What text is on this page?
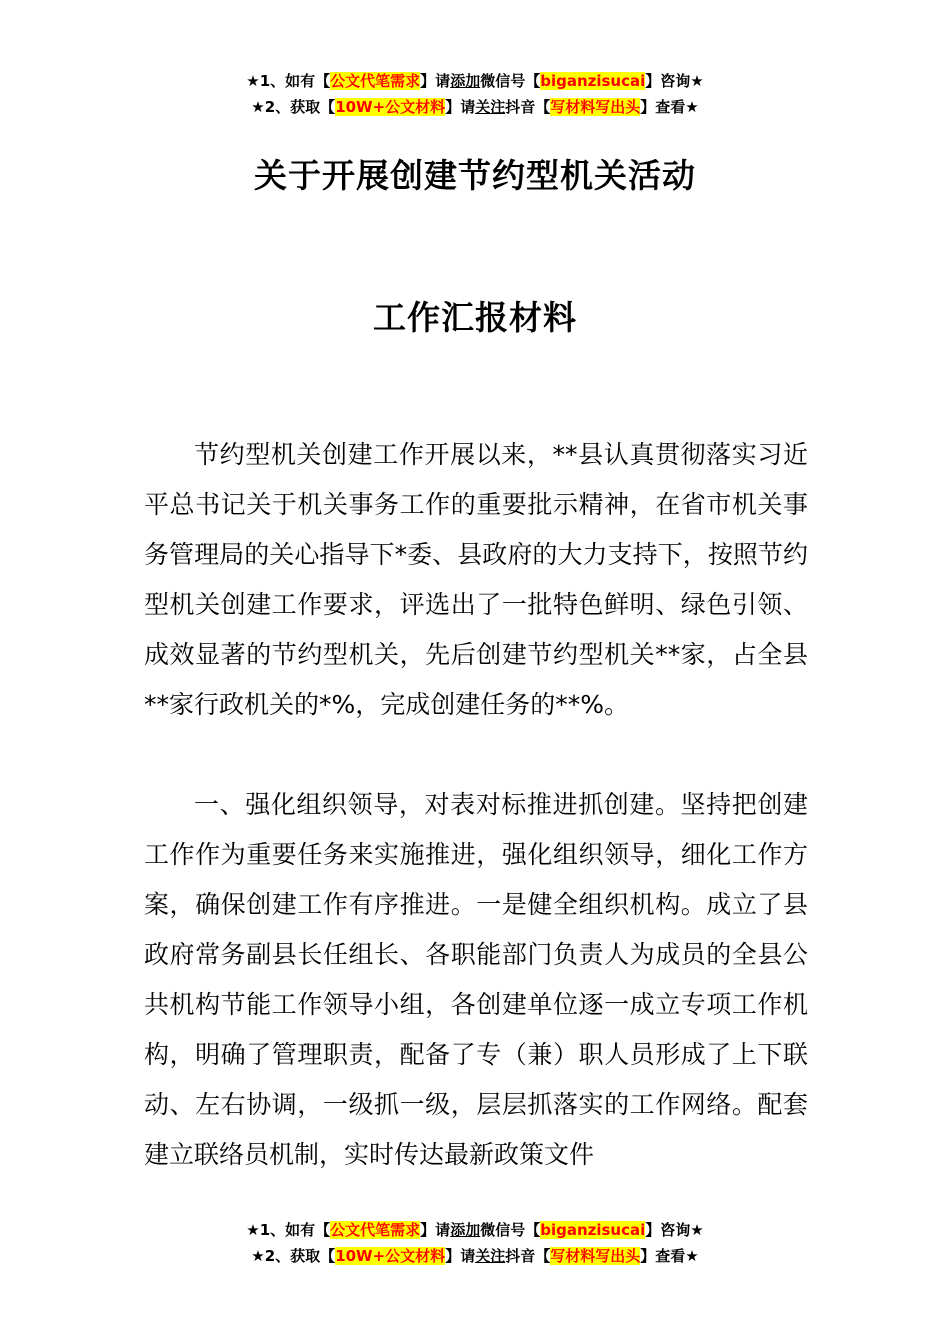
★1、如有【公文代笔需求】请添加微信号【biganzisucai】咨询★
★2、获取【10W+公文材料】请关注抖音【写材料写出头】查看★
关于开展创建节约型机关活动
工作汇报材料

节约型机关创建工作开展以来，**县认真贯彻落实习近平总书记关于机关事务工作的重要批示精神，在省市机关事务管理局的关心指导下*委、县政府的大力支持下，按照节约型机关创建工作要求，评选出了一批特色鲜明、绿色引领、成效显著的节约型机关，先后创建节约型机关**家，占全县**家行政机关的*%，完成创建任务的**%。

一、强化组织领导，对表对标推进抓创建。坚持把创建工作作为重要任务来实施推进，强化组织领导，细化工作方案，确保创建工作有序推进。一是健全组织机构。成立了县政府常务副县长任组长、各职能部门负责人为成员的全县公共机构节能工作领导小组，各创建单位逐一成立专项工作机构，明确了管理职责，配备了专（兼）职人员形成了上下联动、左右协调，一级抓一级，层层抓落实的工作网络。配套建立联络员机制，实时传达最新政策文件

★1、如有【公文代笔需求】请添加微信号【biganzisucai】咨询★
★2、获取【10W+公文材料】请关注抖音【写材料写出头】查看★
